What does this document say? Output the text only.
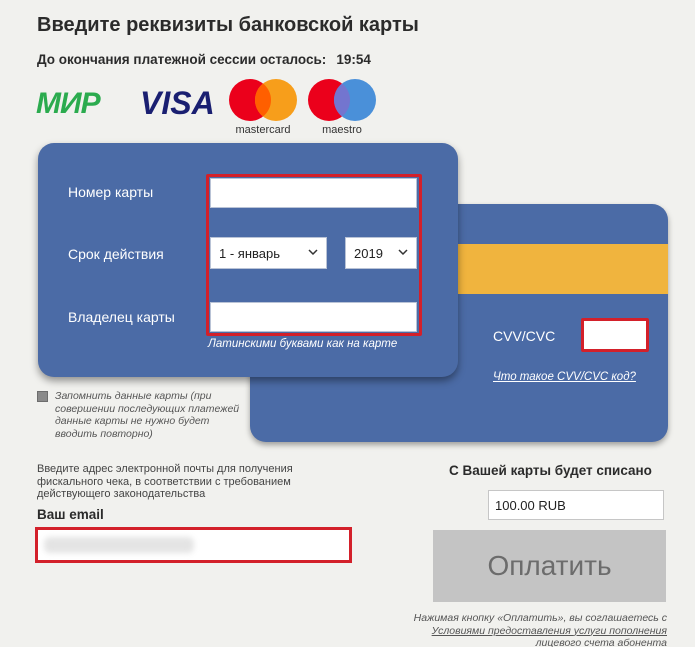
Введите реквизиты банковской карты
До окончания платежной сессии осталось: 19:54
МИР VISA
mastercard	maestro
CVV/CVC
Что такое CVV/CVC код?
Номер карты
Срок действия
Владелец карты
1 - январь	2019
Латинскими буквами как на карте
Запомнить данные карты (при совершении последующих платежей данные карты не нужно будет вводить повторно)
Введите адрес электронной почты для получения фискального чека, в соответствии с требованием действующего законодательства
Ваш email
С Вашей карты будет списано
100.00 RUB
Оплатить
Нажимая кнопку «Оплатить», вы соглашаетесь с Условиями предоставления услуги пополнения лицевого счета абонента
